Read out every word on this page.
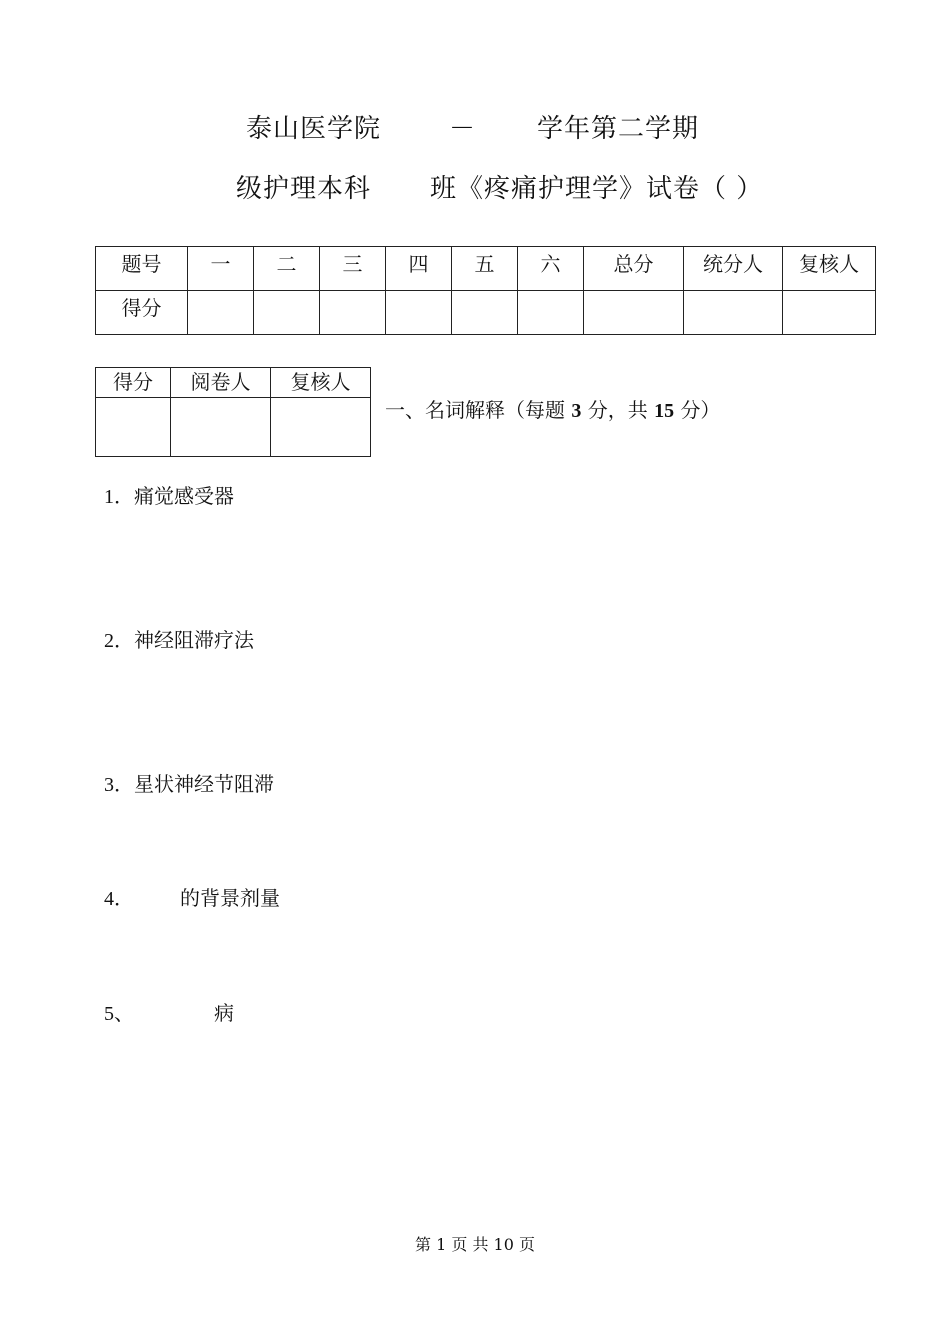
泰山医学院	－ 学年第二学期
级护理本科 班《疼痛护理学》试卷（ ）
题号	一	二	三	四	五	六	总分	统分人	复核人
得分									
得分	阅卷人	复核人

一、名词解释（每题 3 分，共 15 分）
1．痛觉感受器
2．神经阻滞疗法
3．星状神经节阻滞
4． 的背景剂量
5、	病
第 1 页 共 10 页
